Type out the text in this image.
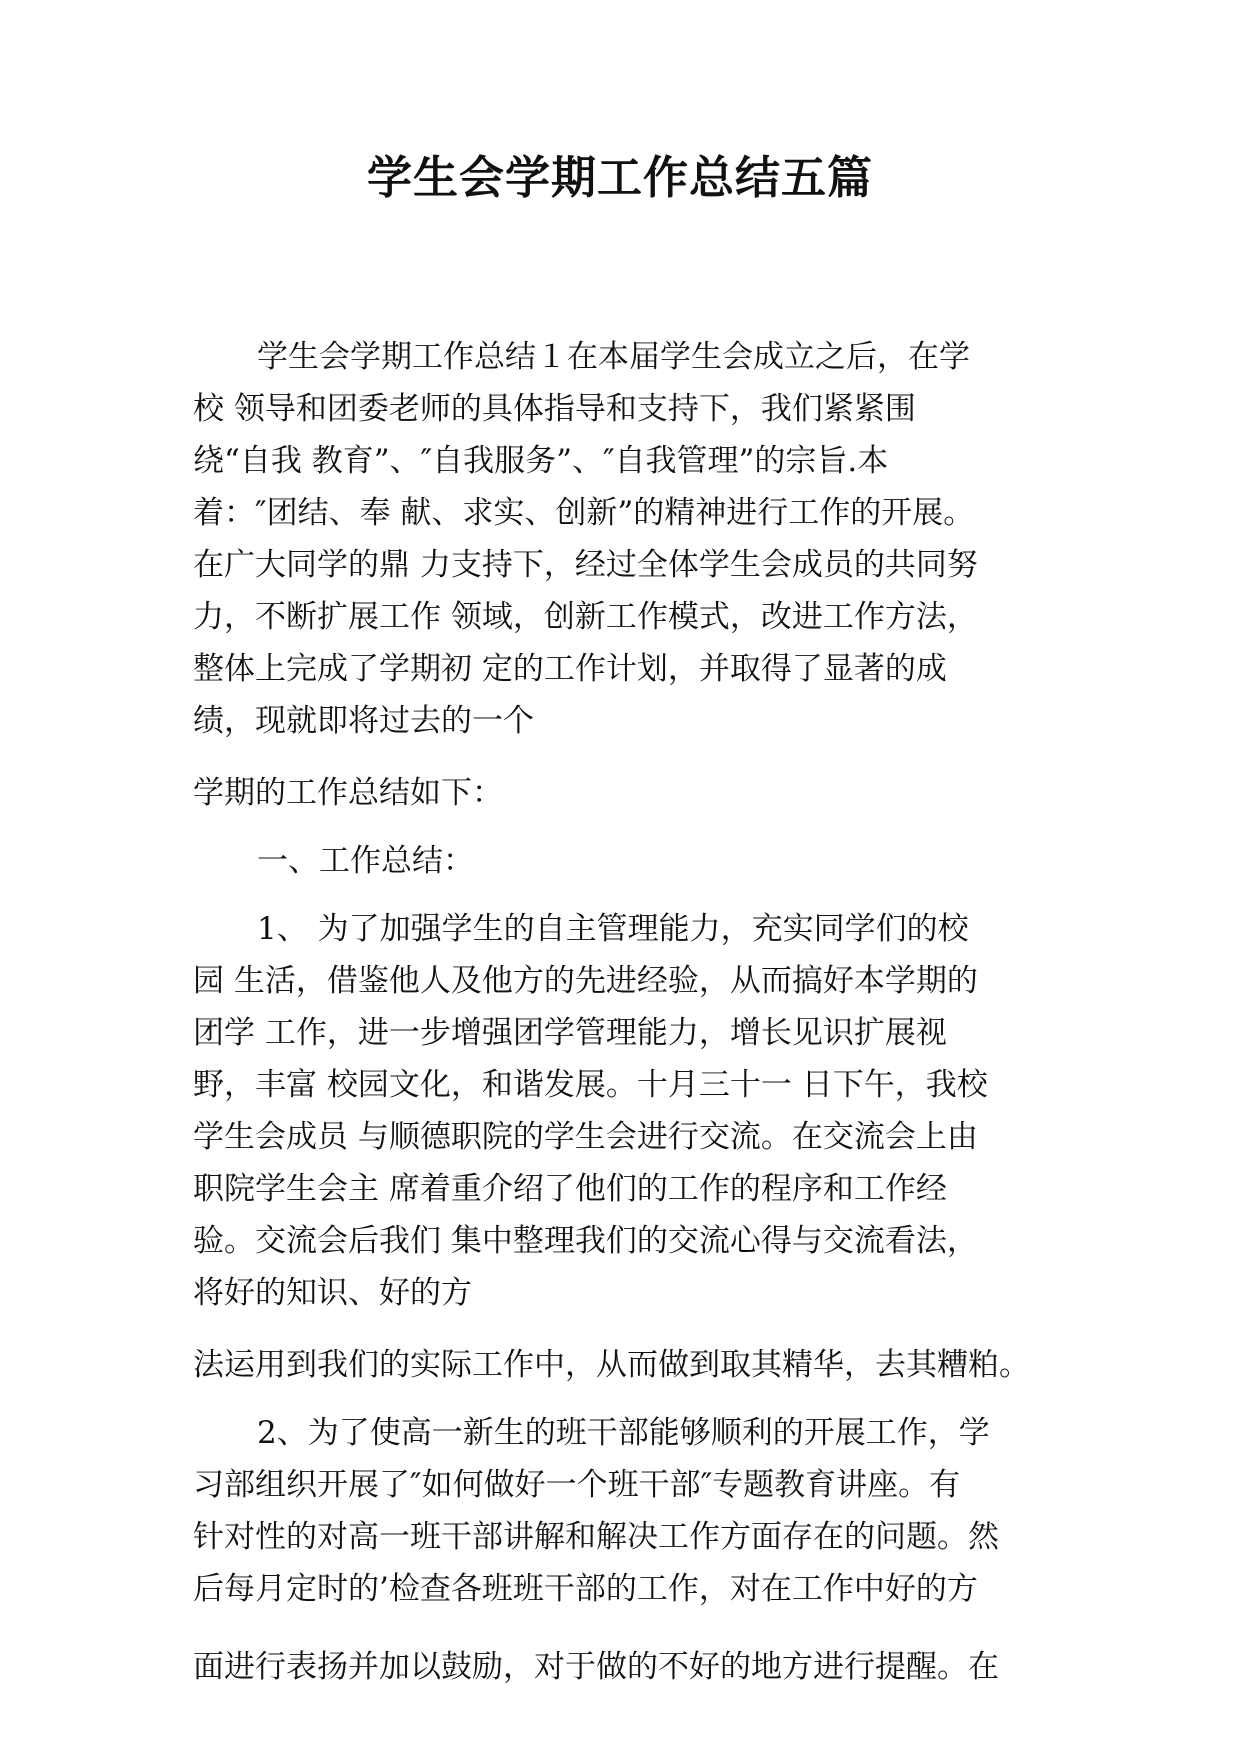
学生会学期工作总结五篇
学生会学期工作总结１在本届学生会成立之后，在学
校 领导和团委老师的具体指导和支持下，我们紧紧围
绕“自我 教育”、″自我服务”、″自我管理”的宗旨.本
着：″团结、奉 献、求实、创新”的精神进行工作的开展。
在广大同学的鼎 力支持下，经过全体学生会成员的共同努
力，不断扩展工作 领域，创新工作模式，改进工作方法，
整体上完成了学期初 定的工作计划，并取得了显著的成
绩，现就即将过去的一个
学期的工作总结如下：
一、工作总结：
1、 为了加强学生的自主管理能力，充实同学们的校
园 生活，借鉴他人及他方的先进经验，从而搞好本学期的
团学 工作，进一步增强团学管理能力，增长见识扩展视
野，丰富 校园文化，和谐发展。十月三十一 日下午，我校
学生会成员 与顺德职院的学生会进行交流。在交流会上由
职院学生会主 席着重介绍了他们的工作的程序和工作经
验。交流会后我们 集中整理我们的交流心得与交流看法，
将好的知识、好的方
法运用到我们的实际工作中，从而做到取其精华，去其糟粕。
2、为了使高一新生的班干部能够顺利的开展工作，学
习部组织开展了″如何做好一个班干部″专题教育讲座。有
针对性的对高一班干部讲解和解决工作方面存在的问题。然
后每月定时的’检查各班班干部的工作，对在工作中好的方
面进行表扬并加以鼓励，对于做的不好的地方进行提醒。在
